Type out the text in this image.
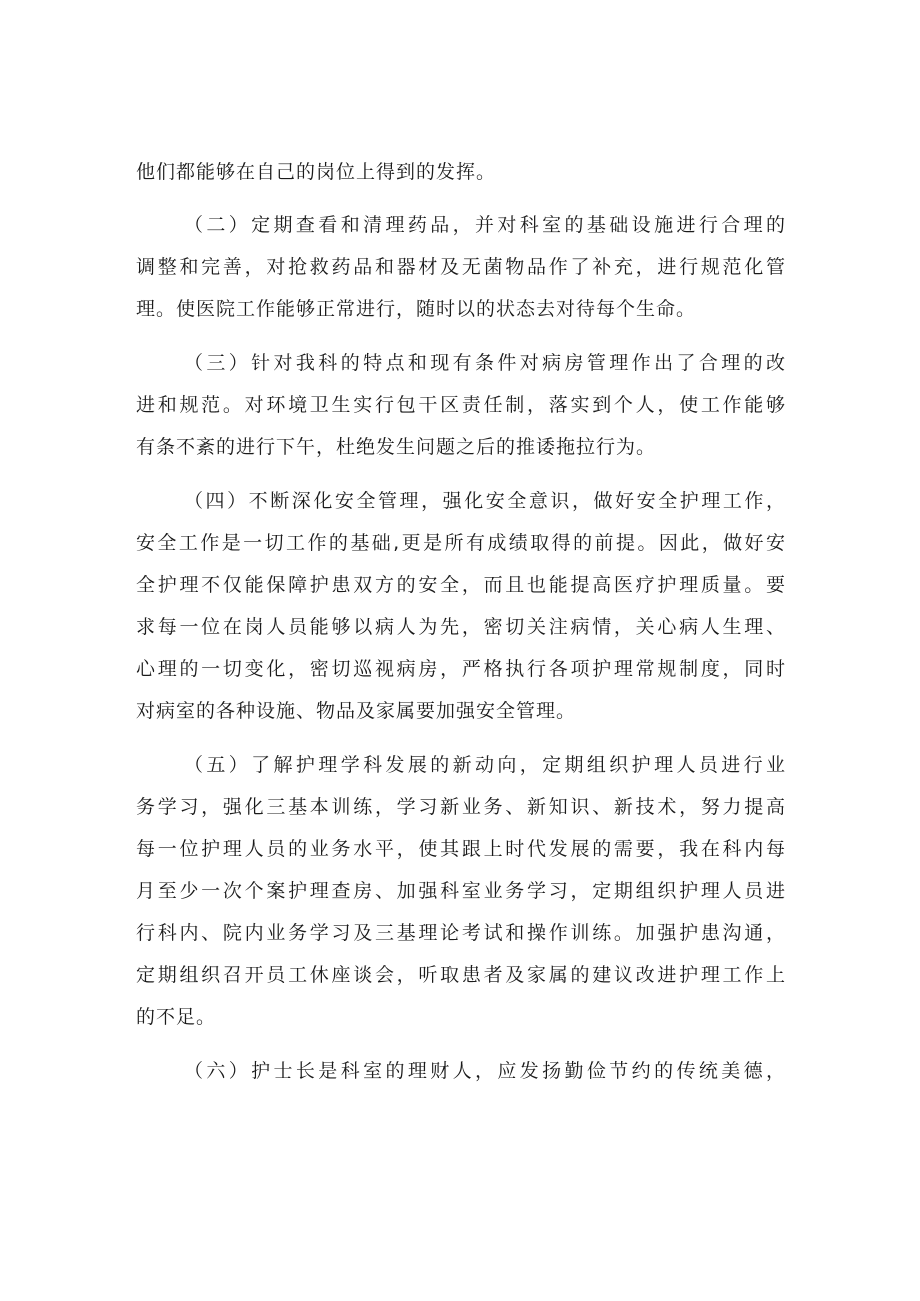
他们都能够在自己的岗位上得到的发挥。
（二）定期查看和清理药品，并对科室的基础设施进行合理的
调整和完善，对抢救药品和器材及无菌物品作了补充，进行规范化管
理。使医院工作能够正常进行，随时以的状态去对待每个生命。
（三）针对我科的特点和现有条件对病房管理作出了合理的改
进和规范。对环境卫生实行包干区责任制，落实到个人，使工作能够
有条不紊的进行下午，杜绝发生问题之后的推诿拖拉行为。
（四）不断深化安全管理，强化安全意识，做好安全护理工作，
安全工作是一切工作的基础,更是所有成绩取得的前提。因此，做好安
全护理不仅能保障护患双方的安全，而且也能提高医疗护理质量。要
求每一位在岗人员能够以病人为先，密切关注病情，关心病人生理、
心理的一切变化，密切巡视病房，严格执行各项护理常规制度，同时
对病室的各种设施、物品及家属要加强安全管理。
（五）了解护理学科发展的新动向，定期组织护理人员进行业
务学习，强化三基本训练，学习新业务、新知识、新技术，努力提高
每一位护理人员的业务水平，使其跟上时代发展的需要，我在科内每
月至少一次个案护理查房、加强科室业务学习，定期组织护理人员进
行科内、院内业务学习及三基理论考试和操作训练。加强护患沟通，
定期组织召开员工休座谈会，听取患者及家属的建议改进护理工作上
的不足。
（六）护士长是科室的理财人，应发扬勤俭节约的传统美德，
